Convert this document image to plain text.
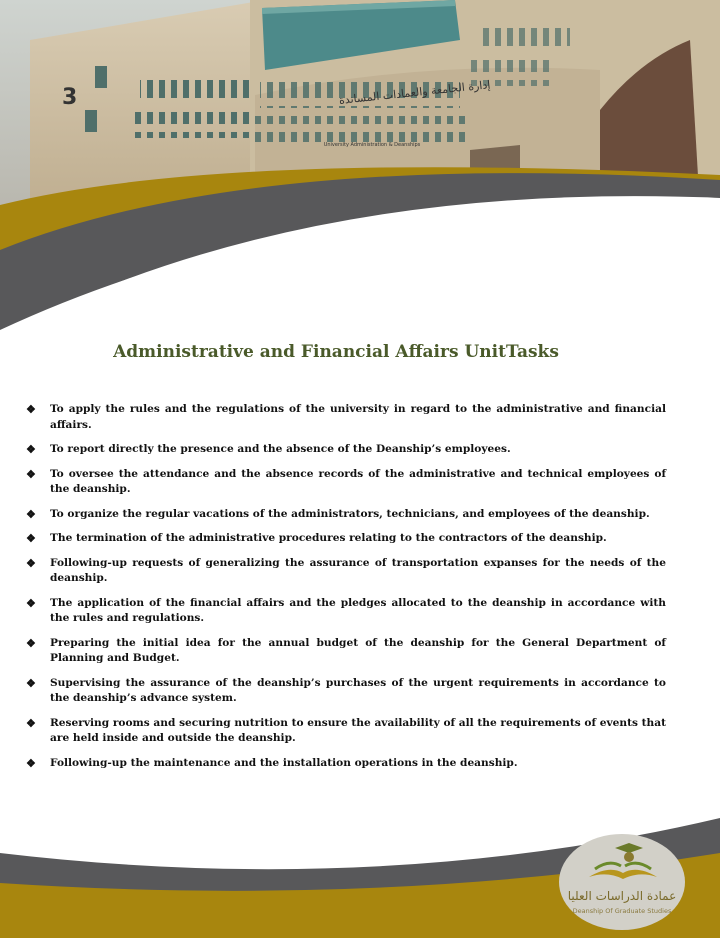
3	إدارة الجامعة والعمادات المساندة
University Administration & Deanships
Administrative and Financial Affairs UnitTasks
❖	To apply the rules and the regulations of the university in regard to the administrative and financial affairs.
❖	To report directly the presence and the absence of the Deanship’s employees.
❖	To oversee the attendance and the absence records of the administrative and technical employees of the deanship.
❖	To organize the regular vacations of the administrators, technicians, and employees of the deanship.
❖	The termination of the administrative procedures relating to the contractors of the deanship.
❖	Following-up requests of generalizing the assurance of transportation expanses for the needs of the deanship.
❖	The application of the financial affairs and the pledges allocated to the deanship in accordance with the rules and regulations.
❖	Preparing the initial idea for the annual budget of the deanship for the General Department of Planning and Budget.
❖	Supervising the assurance of the deanship’s purchases of the urgent requirements in accordance to the deanship’s advance system.
❖	Reserving rooms and securing nutrition to ensure the availability of all the requirements of events that are held inside and outside the deanship.
❖	Following-up the maintenance and the installation operations in the deanship.
عمادة الدراسات العليا
Deanship Of Graduate Studies
